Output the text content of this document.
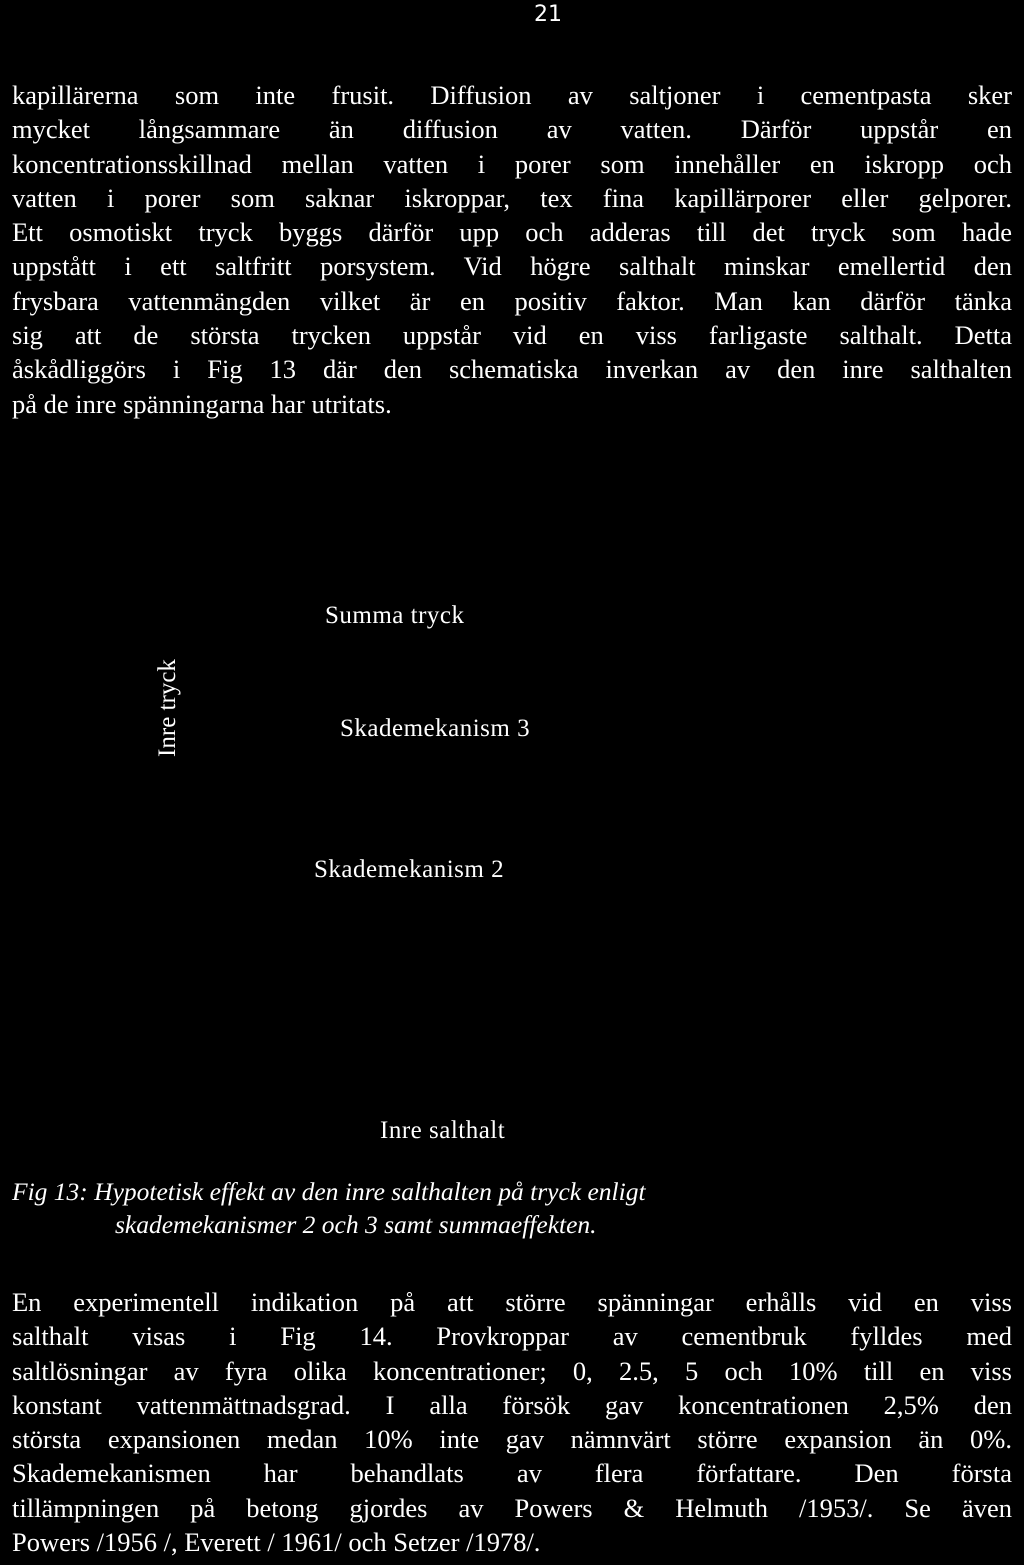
21
kapillärerna som inte frusit. Diffusion av saltjoner i cementpasta sker
mycket långsammare än diffusion av vatten. Därför uppstår en
koncentrationsskillnad mellan vatten i porer som innehåller en iskropp och
vatten i porer som saknar iskroppar, tex fina kapillärporer eller gelporer.
Ett osmotiskt tryck byggs därför upp och adderas till det tryck som hade
uppstått i ett saltfritt porsystem. Vid högre salthalt minskar emellertid den
frysbara vattenmängden vilket är en positiv faktor. Man kan därför tänka
sig att de största trycken uppstår vid en viss farligaste salthalt. Detta
åskådliggörs i Fig 13 där den schematiska inverkan av den inre salthalten
på de inre spänningarna har utritats.
Summa tryck
Inre tryck	Skademekanism 3
Skademekanism 2
Inre salthalt
Fig 13: Hypotetisk effekt av den inre salthalten på tryck enligt
skademekanismer 2 och 3 samt summaeffekten.
En experimentell indikation på att större spänningar erhålls vid en viss
salthalt visas i Fig 14. Provkroppar av cementbruk fylldes med
saltlösningar av fyra olika koncentrationer; 0, 2.5, 5 och 10% till en viss
konstant vattenmättnadsgrad. I alla försök gav koncentrationen 2,5% den
största expansionen medan 10% inte gav nämnvärt större expansion än 0%.
Skademekanismen har behandlats av flera författare. Den första
tillämpningen på betong gjordes av Powers & Helmuth /1953/. Se även
Powers /1956 /, Everett / 1961/ och Setzer /1978/.
